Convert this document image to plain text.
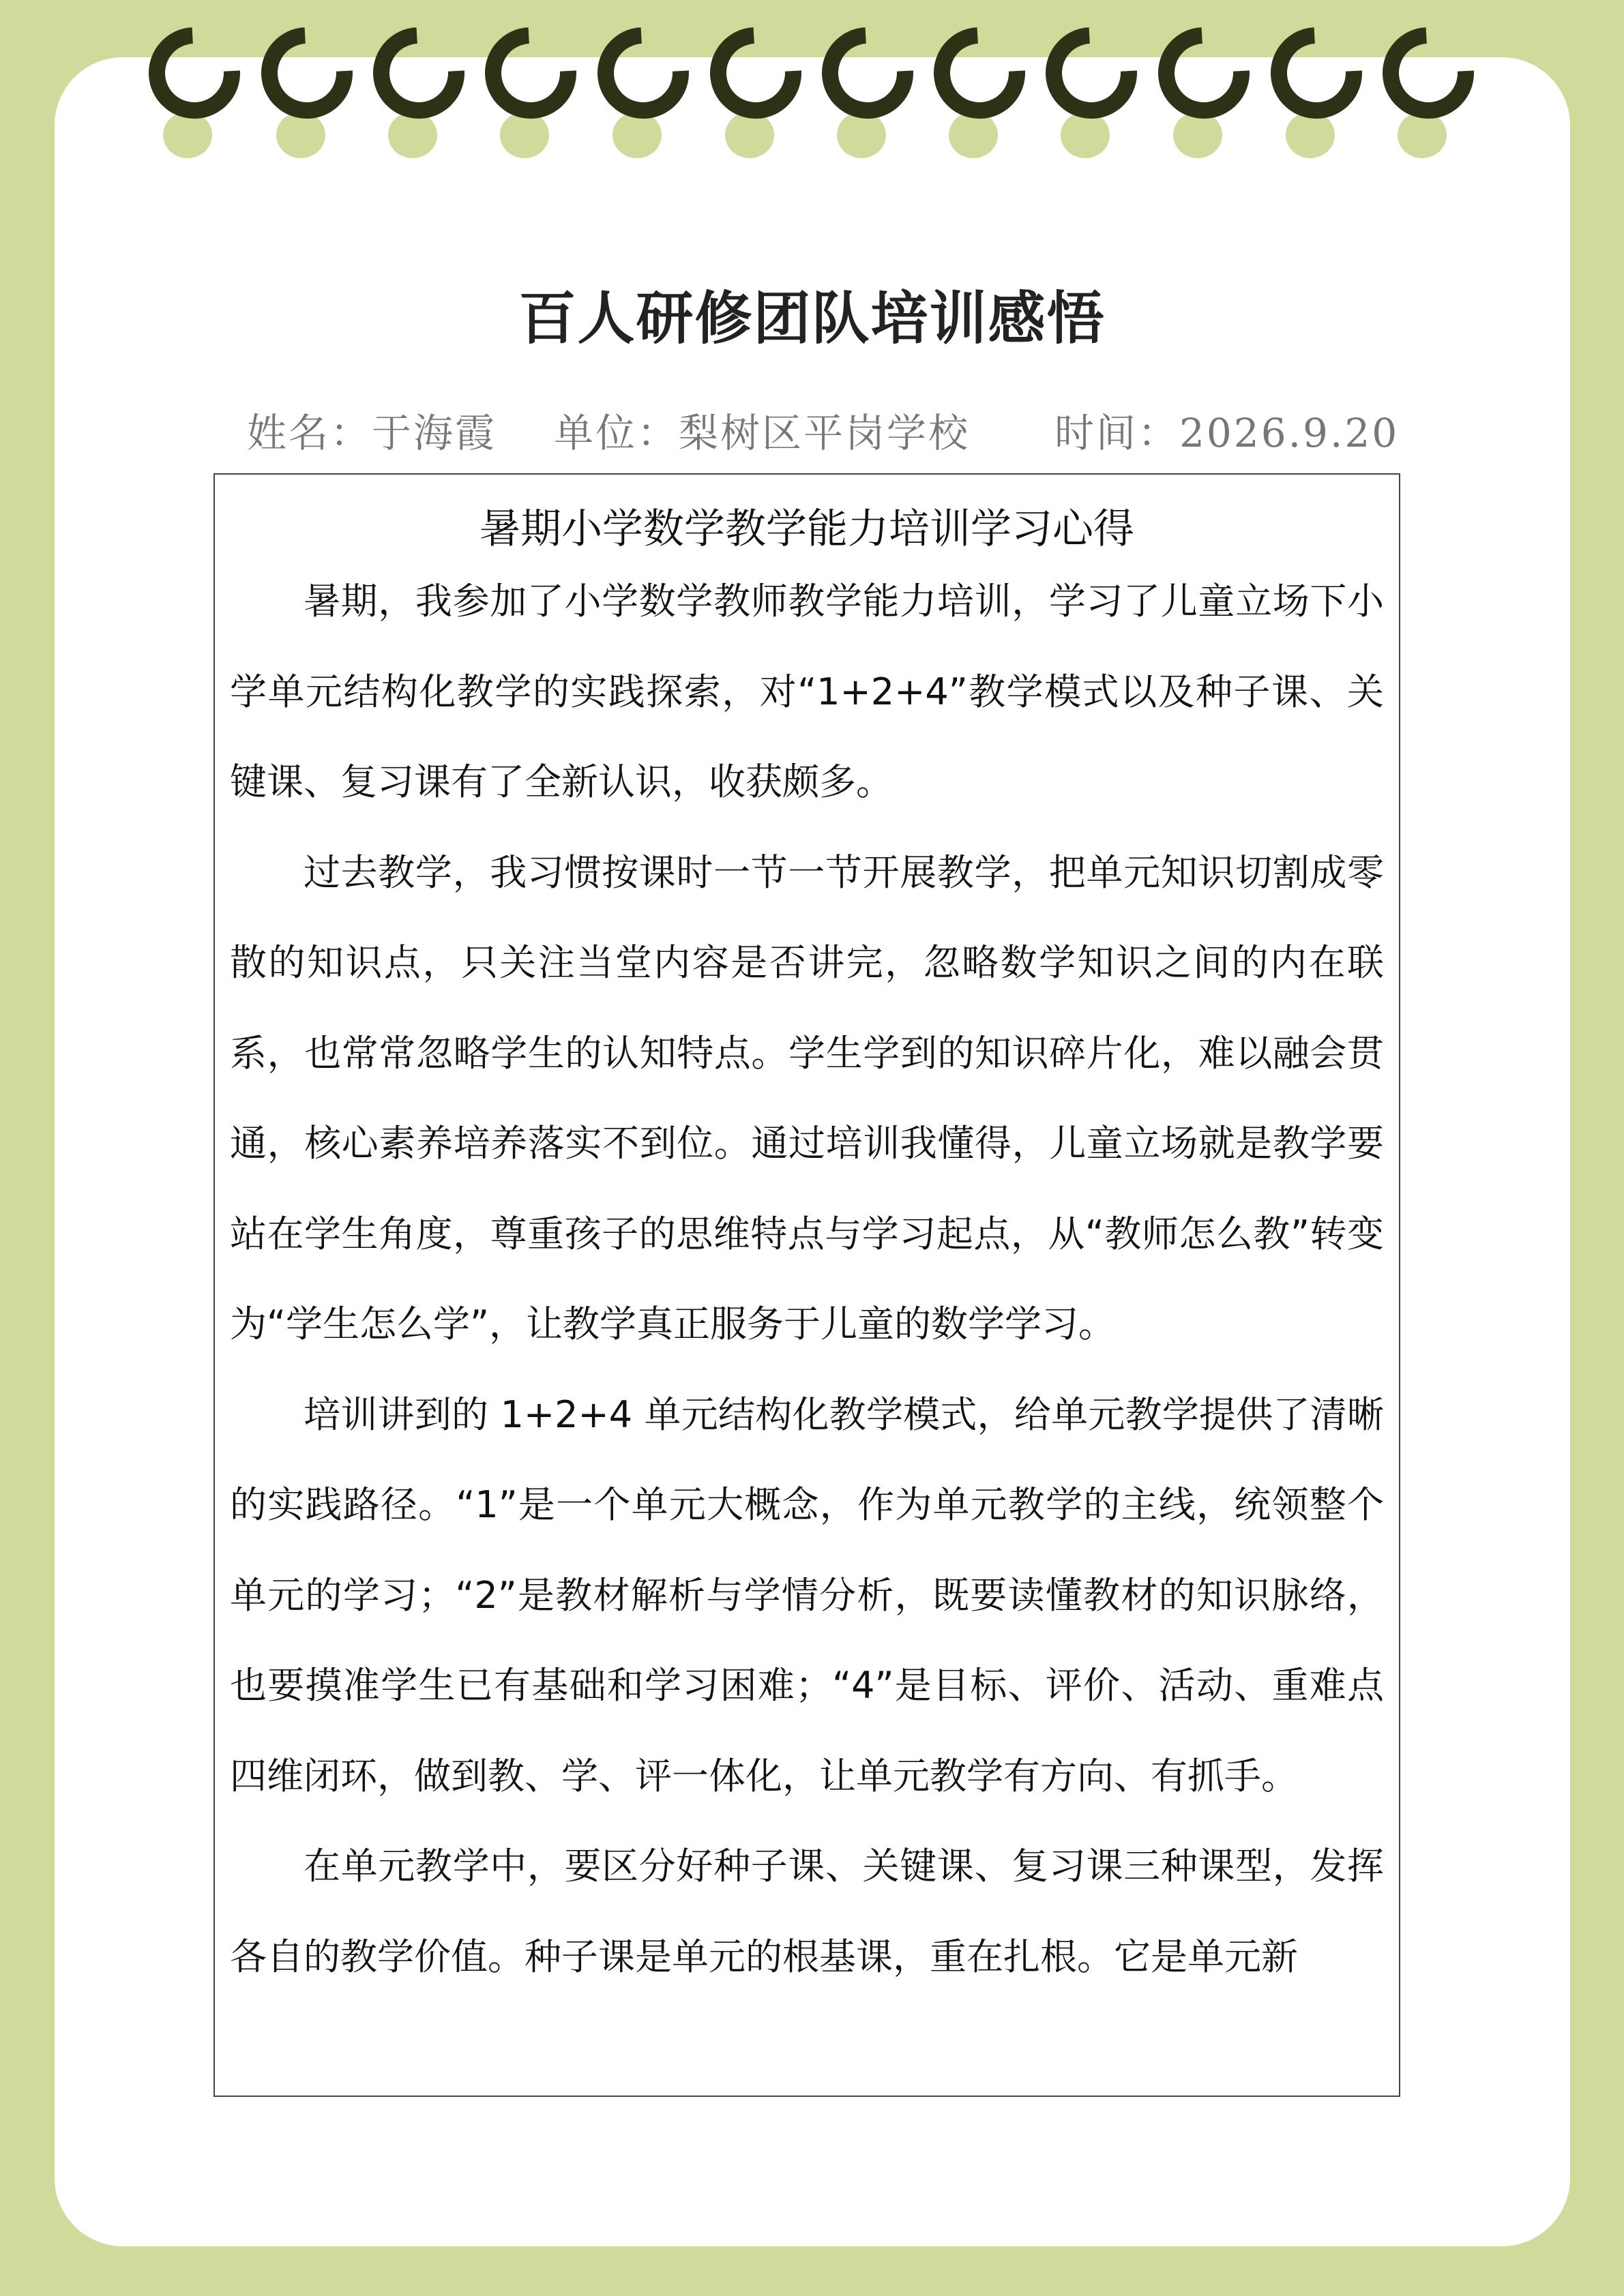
百人研修团队培训感悟
姓名：于海霞 单位：梨树区平岗学校 时间：2026.9.20
暑期小学数学教学能力培训学习心得

暑期，我参加了小学数学教师教学能力培训，学习了儿童立场下小学单元结构化教学的实践探索，对“1+2+4”教学模式以及种子课、关键课、复习课有了全新认识，收获颇多。

过去教学，我习惯按课时一节一节开展教学，把单元知识切割成零散的知识点，只关注当堂内容是否讲完，忽略数学知识之间的内在联系，也常常忽略学生的认知特点。学生学到的知识碎片化，难以融会贯通，核心素养培养落实不到位。通过培训我懂得，儿童立场就是教学要站在学生角度，尊重孩子的思维特点与学习起点，从“教师怎么教”转变为“学生怎么学”，让教学真正服务于儿童的数学学习。

培训讲到的 1+2+4 单元结构化教学模式，给单元教学提供了清晰的实践路径。“1”是一个单元大概念，作为单元教学的主线，统领整个单元的学习；“2”是教材解析与学情分析，既要读懂教材的知识脉络，也要摸准学生已有基础和学习困难；“4”是目标、评价、活动、重难点四维闭环，做到教、学、评一体化，让单元教学有方向、有抓手。

在单元教学中，要区分好种子课、关键课、复习课三种课型，发挥各自的教学价值。种子课是单元的根基课，重在扎根。它是单元新
